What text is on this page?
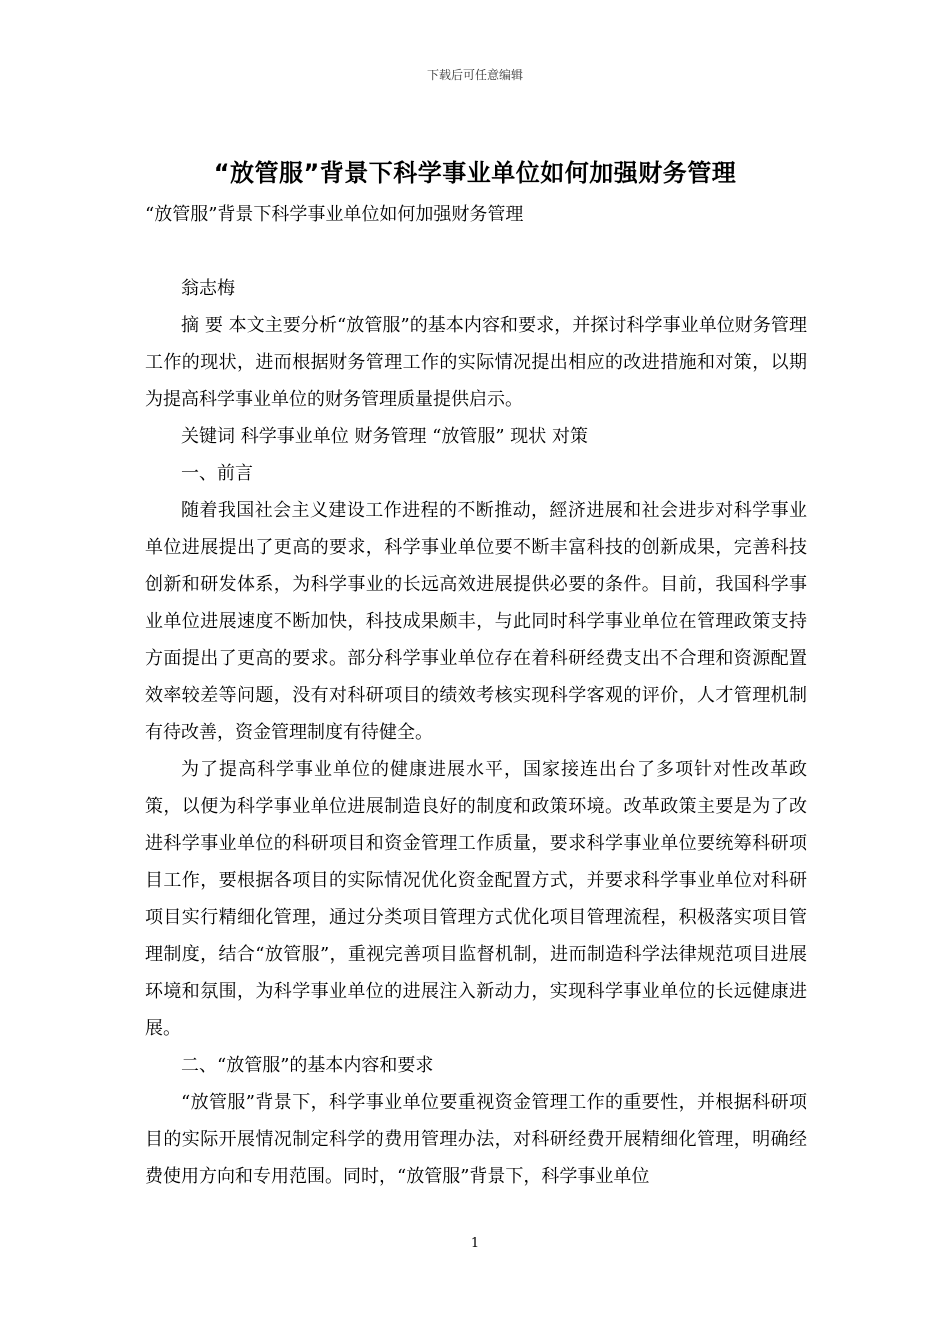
下载后可任意编辑
“放管服”背景下科学事业单位如何加强财务管理
“放管服”背景下科学事业单位如何加强财务管理

翁志梅

摘 要 本文主要分析“放管服”的基本内容和要求，并探讨科学事业单位财务管理工作的现状，进而根据财务管理工作的实际情况提出相应的改进措施和对策，以期为提高科学事业单位的财务管理质量提供启示。

关键词 科学事业单位 财务管理 “放管服” 现状 对策

一、前言

随着我国社会主义建设工作进程的不断推动，經济进展和社会进步对科学事业单位进展提出了更高的要求，科学事业单位要不断丰富科技的创新成果，完善科技创新和研发体系，为科学事业的长远高效进展提供必要的条件。目前，我国科学事业单位进展速度不断加快，科技成果颇丰，与此同时科学事业单位在管理政策支持方面提出了更高的要求。部分科学事业单位存在着科研经费支出不合理和资源配置效率较差等问题，没有对科研项目的绩效考核实现科学客观的评价，人才管理机制有待改善，资金管理制度有待健全。

为了提高科学事业单位的健康进展水平，国家接连出台了多项针对性改革政策，以便为科学事业单位进展制造良好的制度和政策环境。改革政策主要是为了改进科学事业单位的科研项目和资金管理工作质量，要求科学事业单位要统筹科研项目工作，要根据各项目的实际情况优化资金配置方式，并要求科学事业单位对科研项目实行精细化管理，通过分类项目管理方式优化项目管理流程，积极落实项目管理制度，结合“放管服”，重视完善项目监督机制，进而制造科学法律规范项目进展环境和氛围，为科学事业单位的进展注入新动力，实现科学事业单位的长远健康进展。

二、“放管服”的基本内容和要求

“放管服”背景下，科学事业单位要重视资金管理工作的重要性，并根据科研项目的实际开展情况制定科学的费用管理办法，对科研经费开展精细化管理，明确经费使用方向和专用范围。同时，“放管服”背景下，科学事业单位

1
